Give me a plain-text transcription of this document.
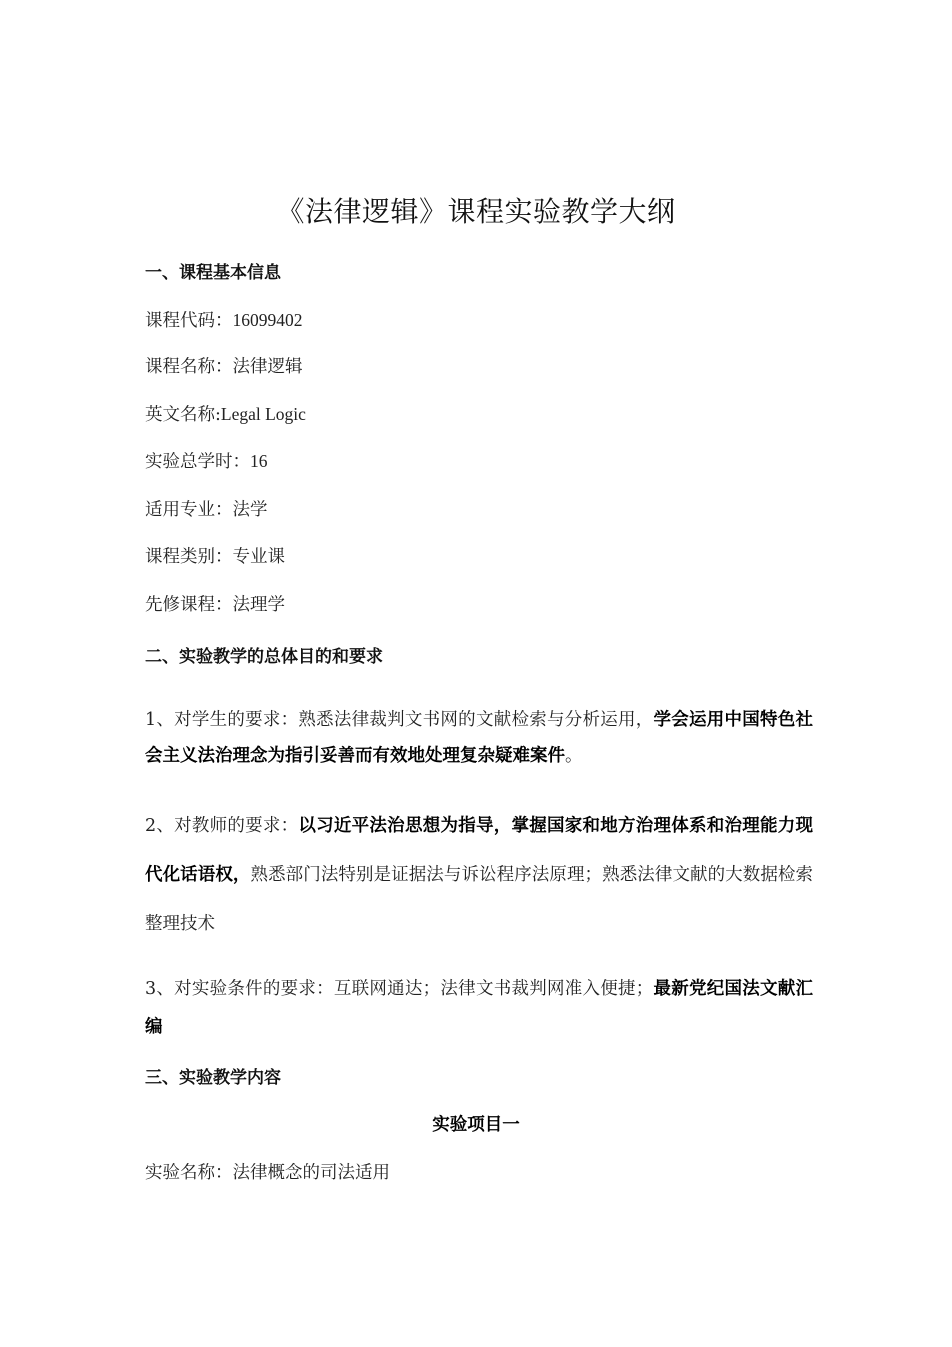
《法律逻辑》课程实验教学大纲
一、课程基本信息
课程代码：16099402
课程名称：法律逻辑
英文名称:Legal Logic
实验总学时：16
适用专业：法学
课程类别：专业课
先修课程：法理学
二、实验教学的总体目的和要求
1、对学生的要求：熟悉法律裁判文书网的文献检索与分析运用，学会运用中国特色社会主义法治理念为指引妥善而有效地处理复杂疑难案件。
2、对教师的要求：以习近平法治思想为指导，掌握国家和地方治理体系和治理能力现代化话语权，熟悉部门法特别是证据法与诉讼程序法原理；熟悉法律文献的大数据检索整理技术
3、对实验条件的要求：互联网通达；法律文书裁判网准入便捷；最新党纪国法文献汇编
三、实验教学内容
实验项目一
实验名称：法律概念的司法适用
